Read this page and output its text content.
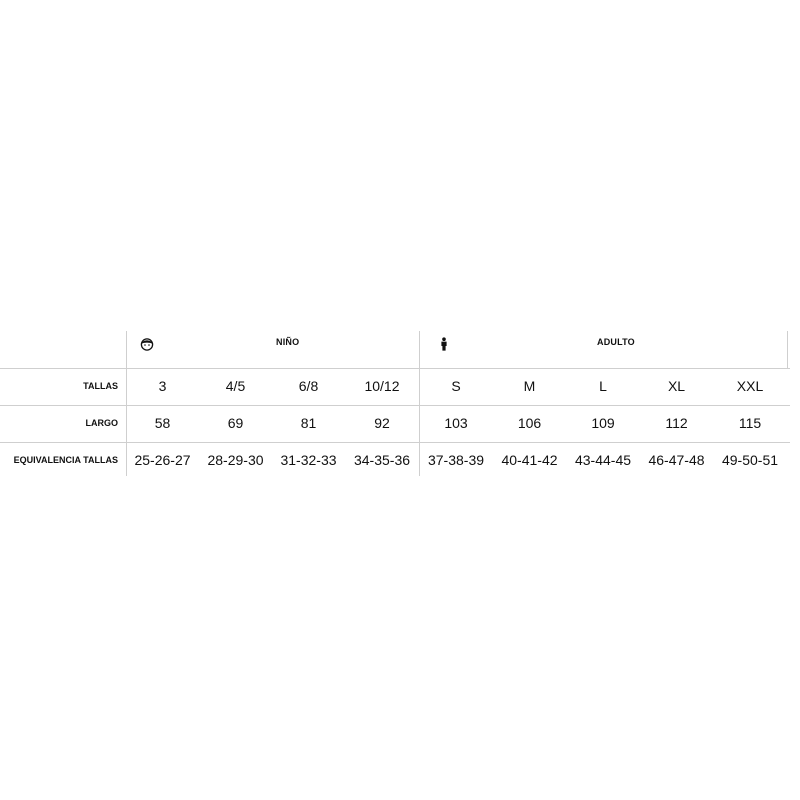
NIÑO	ADULTO
TALLAS	3	4/5	6/8	10/12	S	M	L	XL	XXL
LARGO	58	69	81	92	103	106	109	112	115
EQUIVALENCIA TALLAS	25-26-27	28-29-30	31-32-33	34-35-36	37-38-39	40-41-42	43-44-45	46-47-48	49-50-51
